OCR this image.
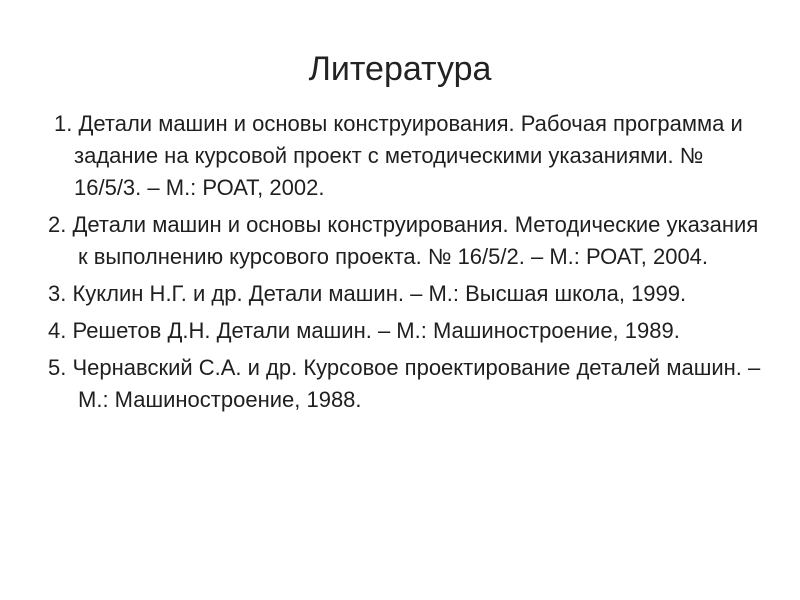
Литература
1. Детали машин и основы конструирования. Рабочая программа и задание на курсовой проект с методическими указаниями. № 16/5/3. – М.: РОАТ, 2002.
2. Детали машин и основы конструирования. Методические указания к выполнению курсового проекта. № 16/5/2. – М.: РОАТ, 2004.
3. Куклин Н.Г. и др. Детали машин. – М.: Высшая школа, 1999.
4. Решетов Д.Н. Детали машин. – М.: Машиностроение, 1989.
5. Чернавский С.А. и др. Курсовое проектирование деталей машин. – М.: Машиностроение, 1988.
